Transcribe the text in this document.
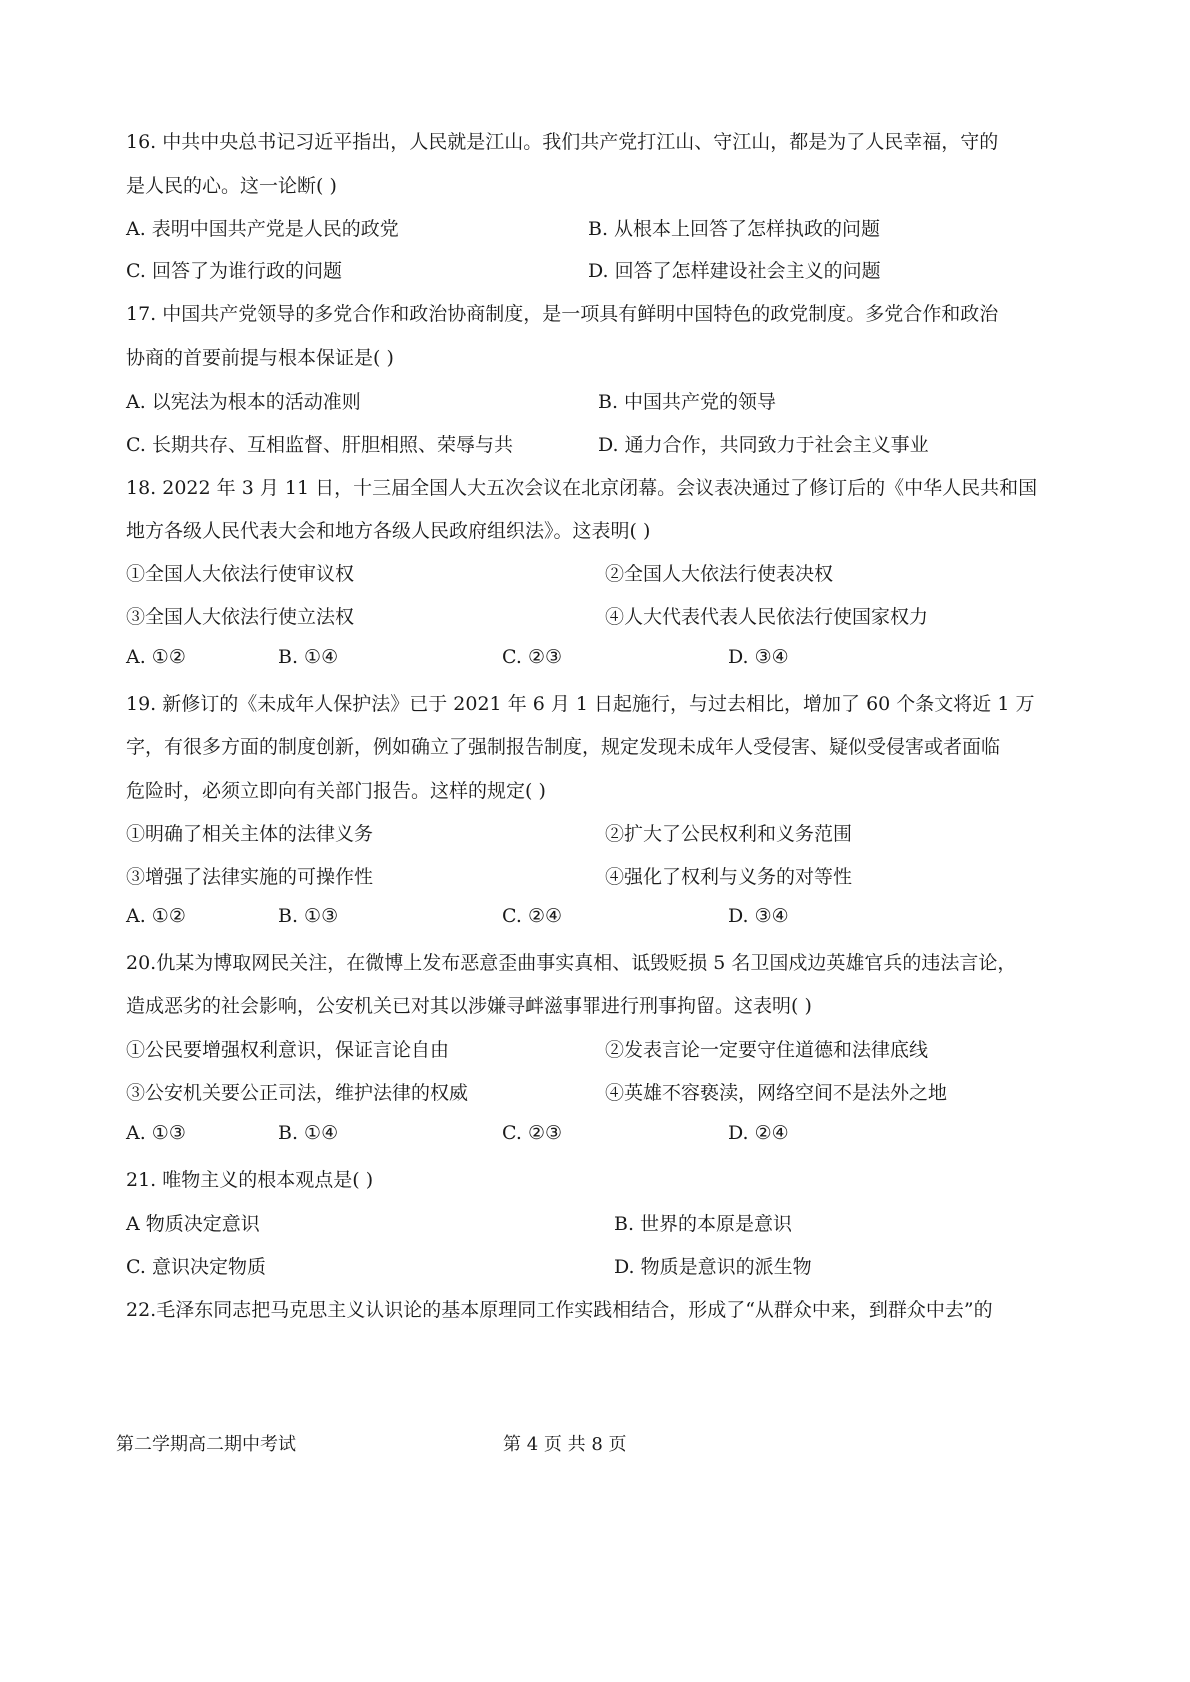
16. 中共中央总书记习近平指出，人民就是江山。我们共产党打江山、守江山，都是为了人民幸福，守的
是人民的心。这一论断( )
A. 表明中国共产党是人民的政党	B. 从根本上回答了怎样执政的问题
C. 回答了为谁行政的问题	D. 回答了怎样建设社会主义的问题
17. 中国共产党领导的多党合作和政治协商制度，是一项具有鲜明中国特色的政党制度。多党合作和政治
协商的首要前提与根本保证是( )
A. 以宪法为根本的活动准则	B. 中国共产党的领导
C. 长期共存、互相监督、肝胆相照、荣辱与共	D. 通力合作，共同致力于社会主义事业
18. 2022 年 3 月 11 日，十三届全国人大五次会议在北京闭幕。会议表决通过了修订后的《中华人民共和国
地方各级人民代表大会和地方各级人民政府组织法》。这表明( )
①全国人大依法行使审议权	②全国人大依法行使表决权
③全国人大依法行使立法权	④人大代表代表人民依法行使国家权力
A. ①②	B. ①④	C. ②③	D. ③④
19. 新修订的《未成年人保护法》已于 2021 年 6 月 1 日起施行，与过去相比，增加了 60 个条文将近 1 万
字，有很多方面的制度创新，例如确立了强制报告制度，规定发现未成年人受侵害、疑似受侵害或者面临
危险时，必须立即向有关部门报告。这样的规定( )
①明确了相关主体的法律义务	②扩大了公民权利和义务范围
③增强了法律实施的可操作性	④强化了权利与义务的对等性
A. ①②	B. ①③	C. ②④	D. ③④
20.仇某为博取网民关注，在微博上发布恶意歪曲事实真相、诋毁贬损 5 名卫国戍边英雄官兵的违法言论，
造成恶劣的社会影响，公安机关已对其以涉嫌寻衅滋事罪进行刑事拘留。这表明( )
①公民要增强权利意识，保证言论自由	②发表言论一定要守住道德和法律底线
③公安机关要公正司法，维护法律的权威	④英雄不容亵渎，网络空间不是法外之地
A. ①③	B. ①④	C. ②③	D. ②④
21. 唯物主义的根本观点是( )
A 物质决定意识	B. 世界的本原是意识
C. 意识决定物质	D. 物质是意识的派生物
22.毛泽东同志把马克思主义认识论的基本原理同工作实践相结合，形成了“从群众中来，到群众中去”的
第二学期高二期中考试	第 4 页 共 8 页
